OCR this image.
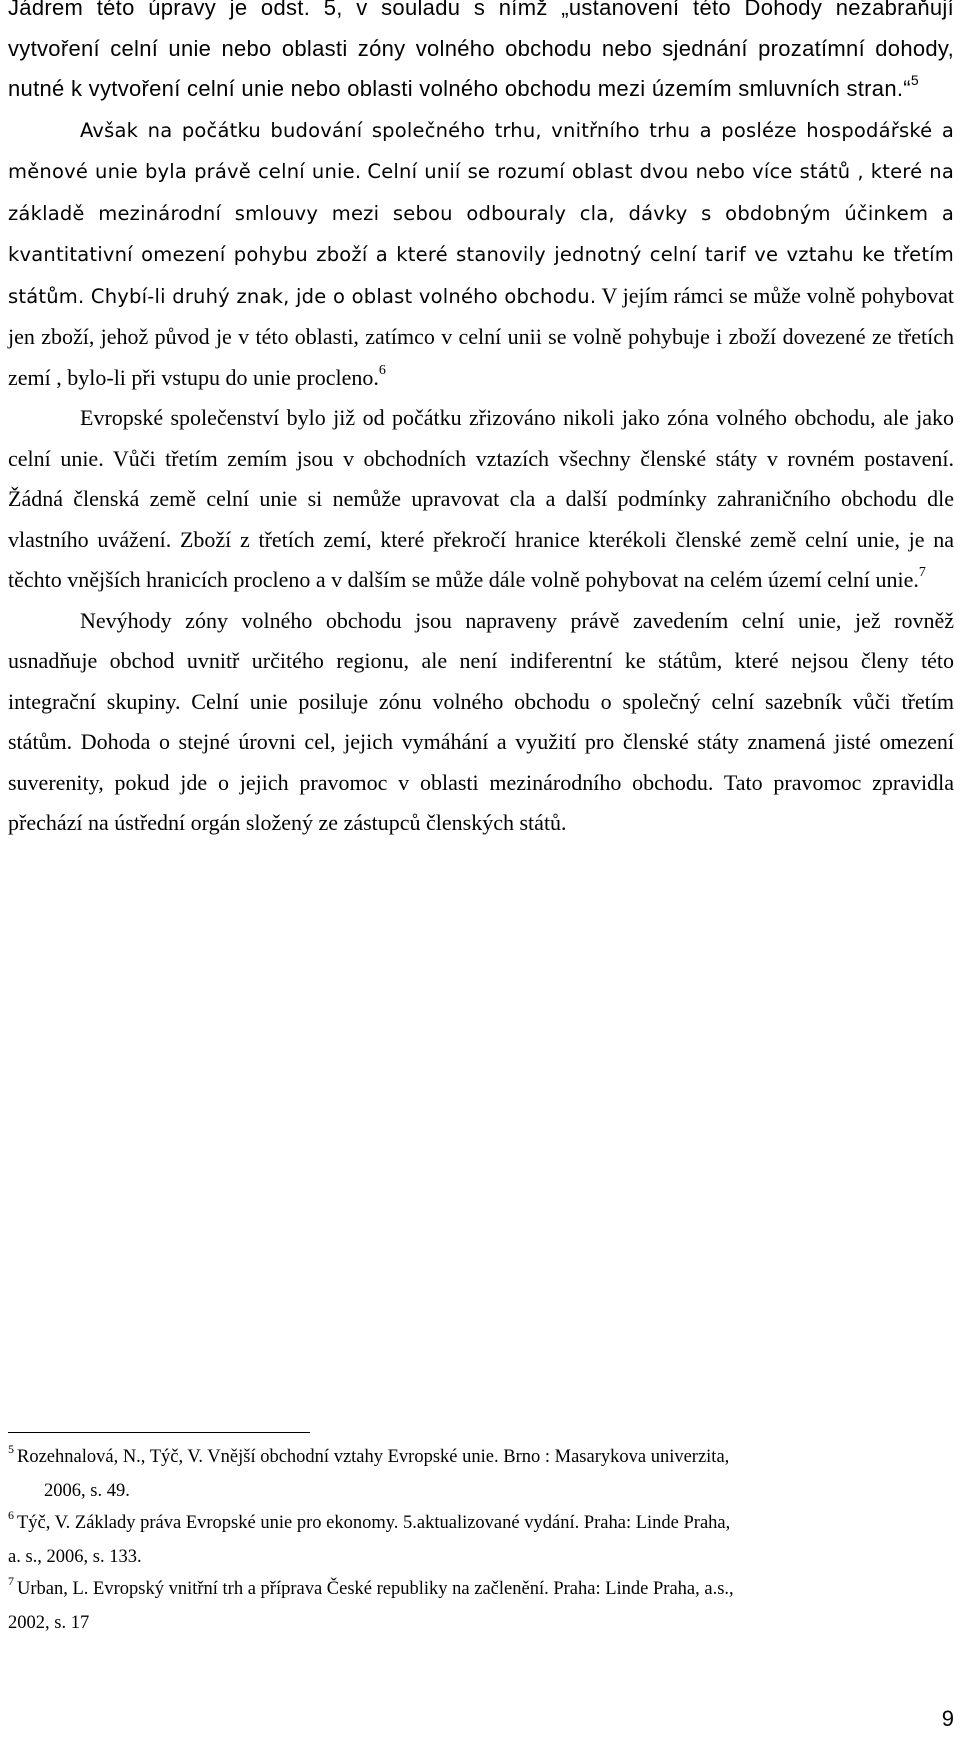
Jádrem této úpravy je odst. 5, v souladu s nímž „ustanovení této Dohody nezabraňují vytvoření celní unie nebo oblasti zóny volného obchodu nebo sjednání prozatímní dohody, nutné k vytvoření celní unie nebo oblasti volného obchodu mezi územím smluvních stran.“$^5$

Avšak na počátku budování společného trhu, vnitřního trhu a posléze hospodářské a měnové unie byla právě celní unie. Celní unií se rozumí oblast dvou nebo více států , které na základě mezinárodní smlouvy mezi sebou odbouraly cla, dávky s obdobným účinkem a kvantitativní omezení pohybu zboží a které stanovily jednotný celní tarif ve vztahu ke třetím státům. Chybí-li druhý znak, jde o oblast volného obchodu. V jejím rámci se může volně pohybovat jen zboží, jehož původ je v této oblasti, zatímco v celní unii se volně pohybuje i zboží dovezené ze třetích zemí , bylo-li při vstupu do unie procleno.$^6$

Evropské společenství bylo již od počátku zřizováno nikoli jako zóna volného obchodu, ale jako celní unie. Vůči třetím zemím jsou v obchodních vztazích všechny členské státy v rovném postavení. Žádná členská země celní unie si nemůže upravovat cla a další podmínky zahraničního obchodu dle vlastního uvážení. Zboží z třetích zemí, které překročí hranice kterékoli členské země celní unie, je na těchto vnějších hranicích procleno a v dalším se může dále volně pohybovat na celém území celní unie.$^7$

Nevýhody zóny volného obchodu jsou napraveny právě zavedením celní unie, jež rovněž usnadňuje obchod uvnitř určitého regionu, ale není indiferentní ke státům, které nejsou členy této integrační skupiny. Celní unie posiluje zónu volného obchodu o společný celní sazebník vůči třetím státům. Dohoda o stejné úrovni cel, jejich vymáhání a využití pro členské státy znamená jisté omezení suverenity, pokud jde o jejich pravomoc v oblasti mezinárodního obchodu. Tato pravomoc zpravidla přechází na ústřední orgán složený ze zástupců členských států.

$^5$ Rozehnalová, N., Týč, V. Vnější obchodní vztahy Evropské unie. Brno : Masarykova univerzita,

2006, s. 49.

$^6$ Týč, V. Základy práva Evropské unie pro ekonomy. 5.aktualizované vydání. Praha: Linde Praha,

a. s., 2006, s. 133.

$^7$ Urban, L. Evropský vnitřní trh a příprava České republiky na začlenění. Praha: Linde Praha, a.s.,

2002, s. 17

9
